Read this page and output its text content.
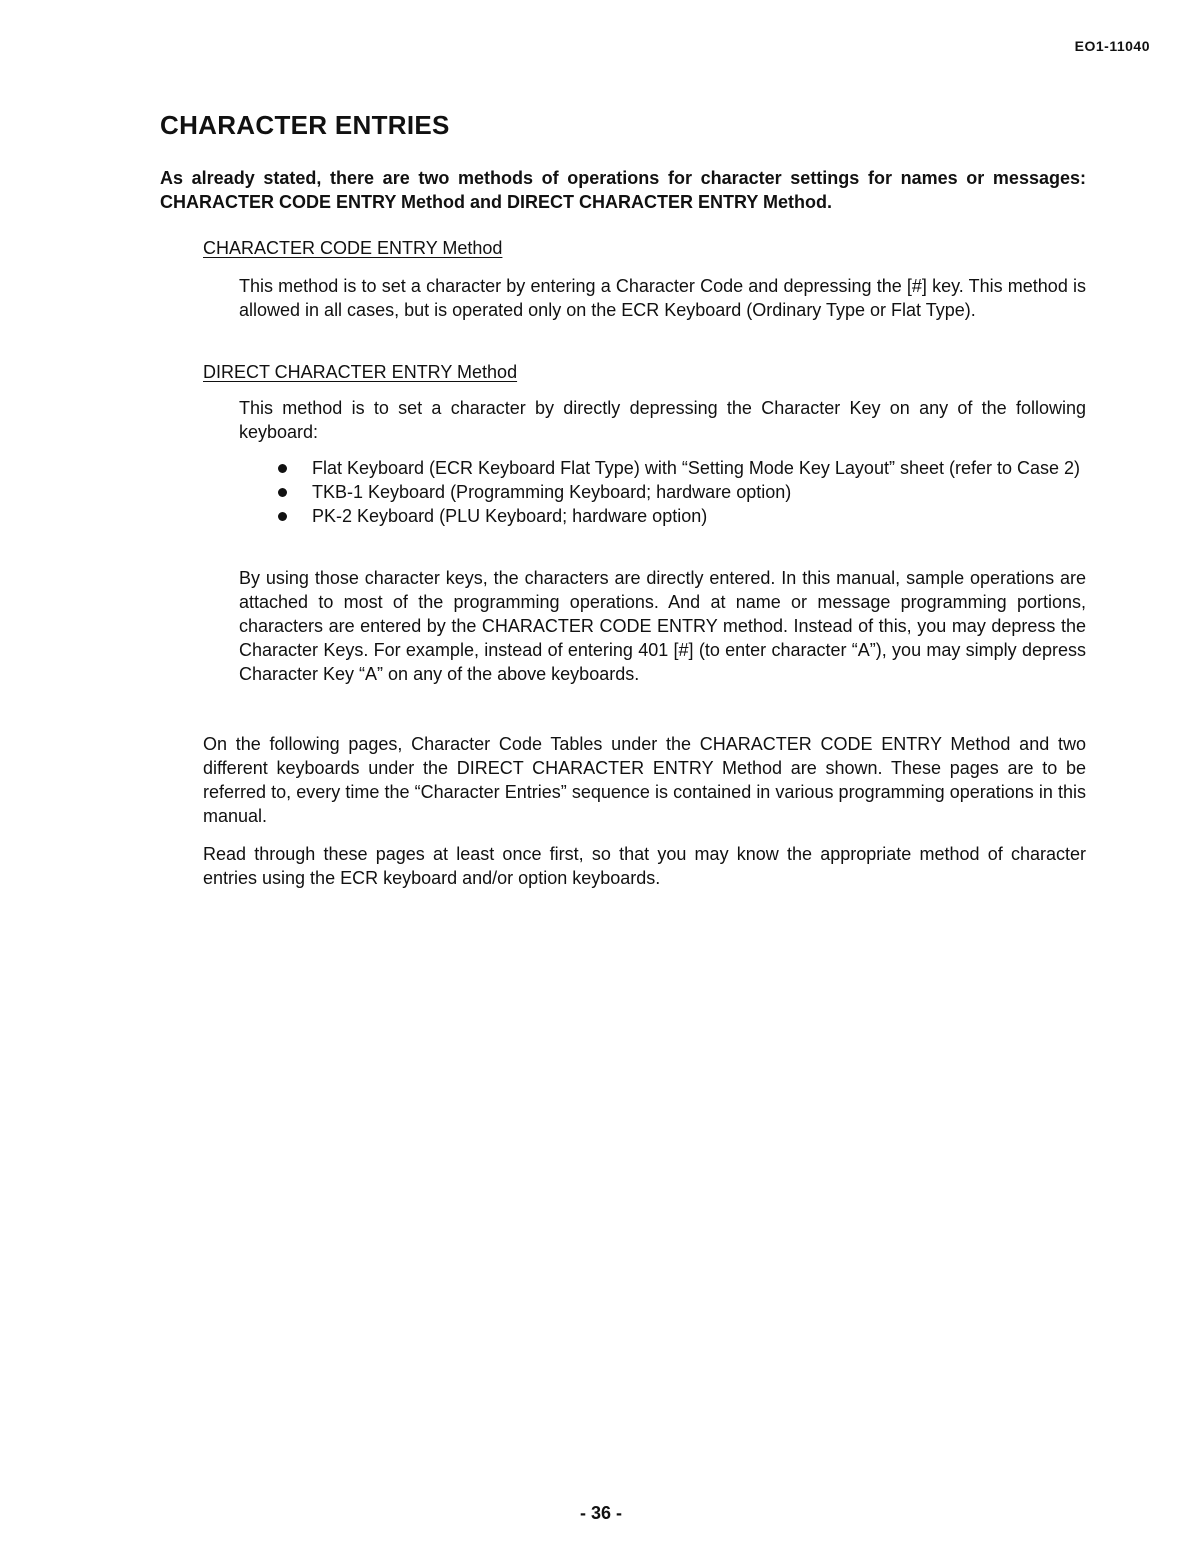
EO1-11040
CHARACTER ENTRIES

As already stated, there are two methods of operations for character settings for names or messages: CHARACTER CODE ENTRY Method and DIRECT CHARACTER ENTRY Method.

CHARACTER CODE ENTRY Method

This method is to set a character by entering a Character Code and depressing the [#] key. This method is allowed in all cases, but is operated only on the ECR Keyboard (Ordinary Type or Flat Type).

DIRECT CHARACTER ENTRY Method

This method is to set a character by directly depressing the Character Key on any of the following keyboard:

Flat Keyboard (ECR Keyboard Flat Type) with “Setting Mode Key Layout” sheet (refer to Case 2)
TKB-1 Keyboard (Programming Keyboard; hardware option)
PK-2 Keyboard (PLU Keyboard; hardware option)

By using those character keys, the characters are directly entered. In this manual, sample operations are attached to most of the programming operations. And at name or message programming portions, characters are entered by the CHARACTER CODE ENTRY method. Instead of this, you may depress the Character Keys. For example, instead of entering 401 [#] (to enter character “A”), you may simply depress Character Key “A” on any of the above keyboards.

On the following pages, Character Code Tables under the CHARACTER CODE ENTRY Method and two different keyboards under the DIRECT CHARACTER ENTRY Method are shown. These pages are to be referred to, every time the “Character Entries” sequence is contained in various programming operations in this manual.

Read through these pages at least once first, so that you may know the appropriate method of character entries using the ECR keyboard and/or option keyboards.

- 36 -
